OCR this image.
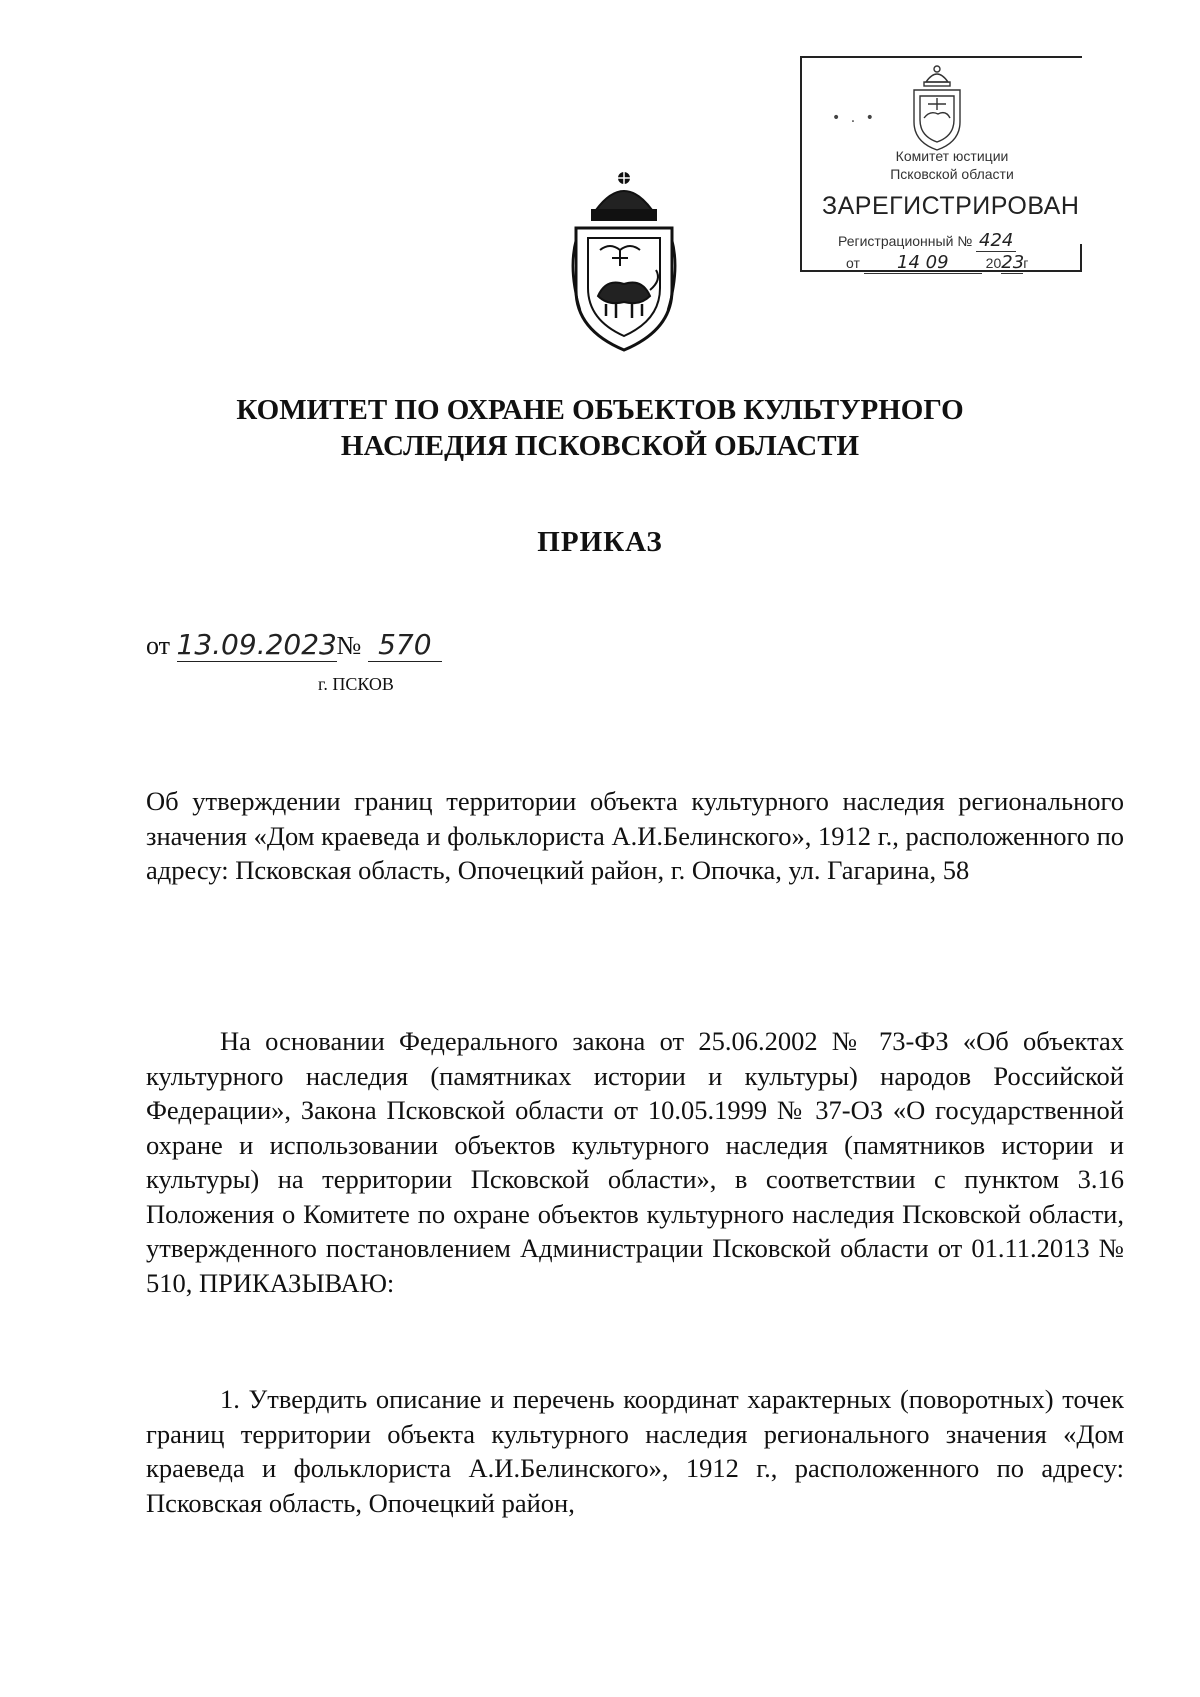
• . •
Комитет юстиции
Псковской области
ЗАРЕГИСТРИРОВАН
Регистрационный № 424
от 14 09	2023г
КОМИТЕТ ПО ОХРАНЕ ОБЪЕКТОВ КУЛЬТУРНОГО
НАСЛЕДИЯ ПСКОВСКОЙ ОБЛАСТИ
ПРИКАЗ
от 13.09.2023№ 570
г. ПСКОВ
Об утверждении границ территории объекта культурного наследия регионального значения «Дом краеведа и фольклориста А.И.Белинского», 1912 г., расположенного по адресу: Псковская область, Опочецкий район, г. Опочка, ул. Гагарина, 58
На основании Федерального закона от 25.06.2002 № 73-ФЗ «Об объектах культурного наследия (памятниках истории и культуры) народов Российской Федерации», Закона Псковской области от 10.05.1999 № 37-ОЗ «О государственной охране и использовании объектов культурного наследия (памятников истории и культуры) на территории Псковской области», в соответствии с пунктом 3.16 Положения о Комитете по охране объектов культурного наследия Псковской области, утвержденного постановлением Администрации Псковской области от 01.11.2013 № 510, ПРИКАЗЫВАЮ:
1. Утвердить описание и перечень координат характерных (поворотных) точек границ территории объекта культурного наследия регионального значения «Дом краеведа и фольклориста А.И.Белинского», 1912 г., расположенного по адресу: Псковская область, Опочецкий район,
